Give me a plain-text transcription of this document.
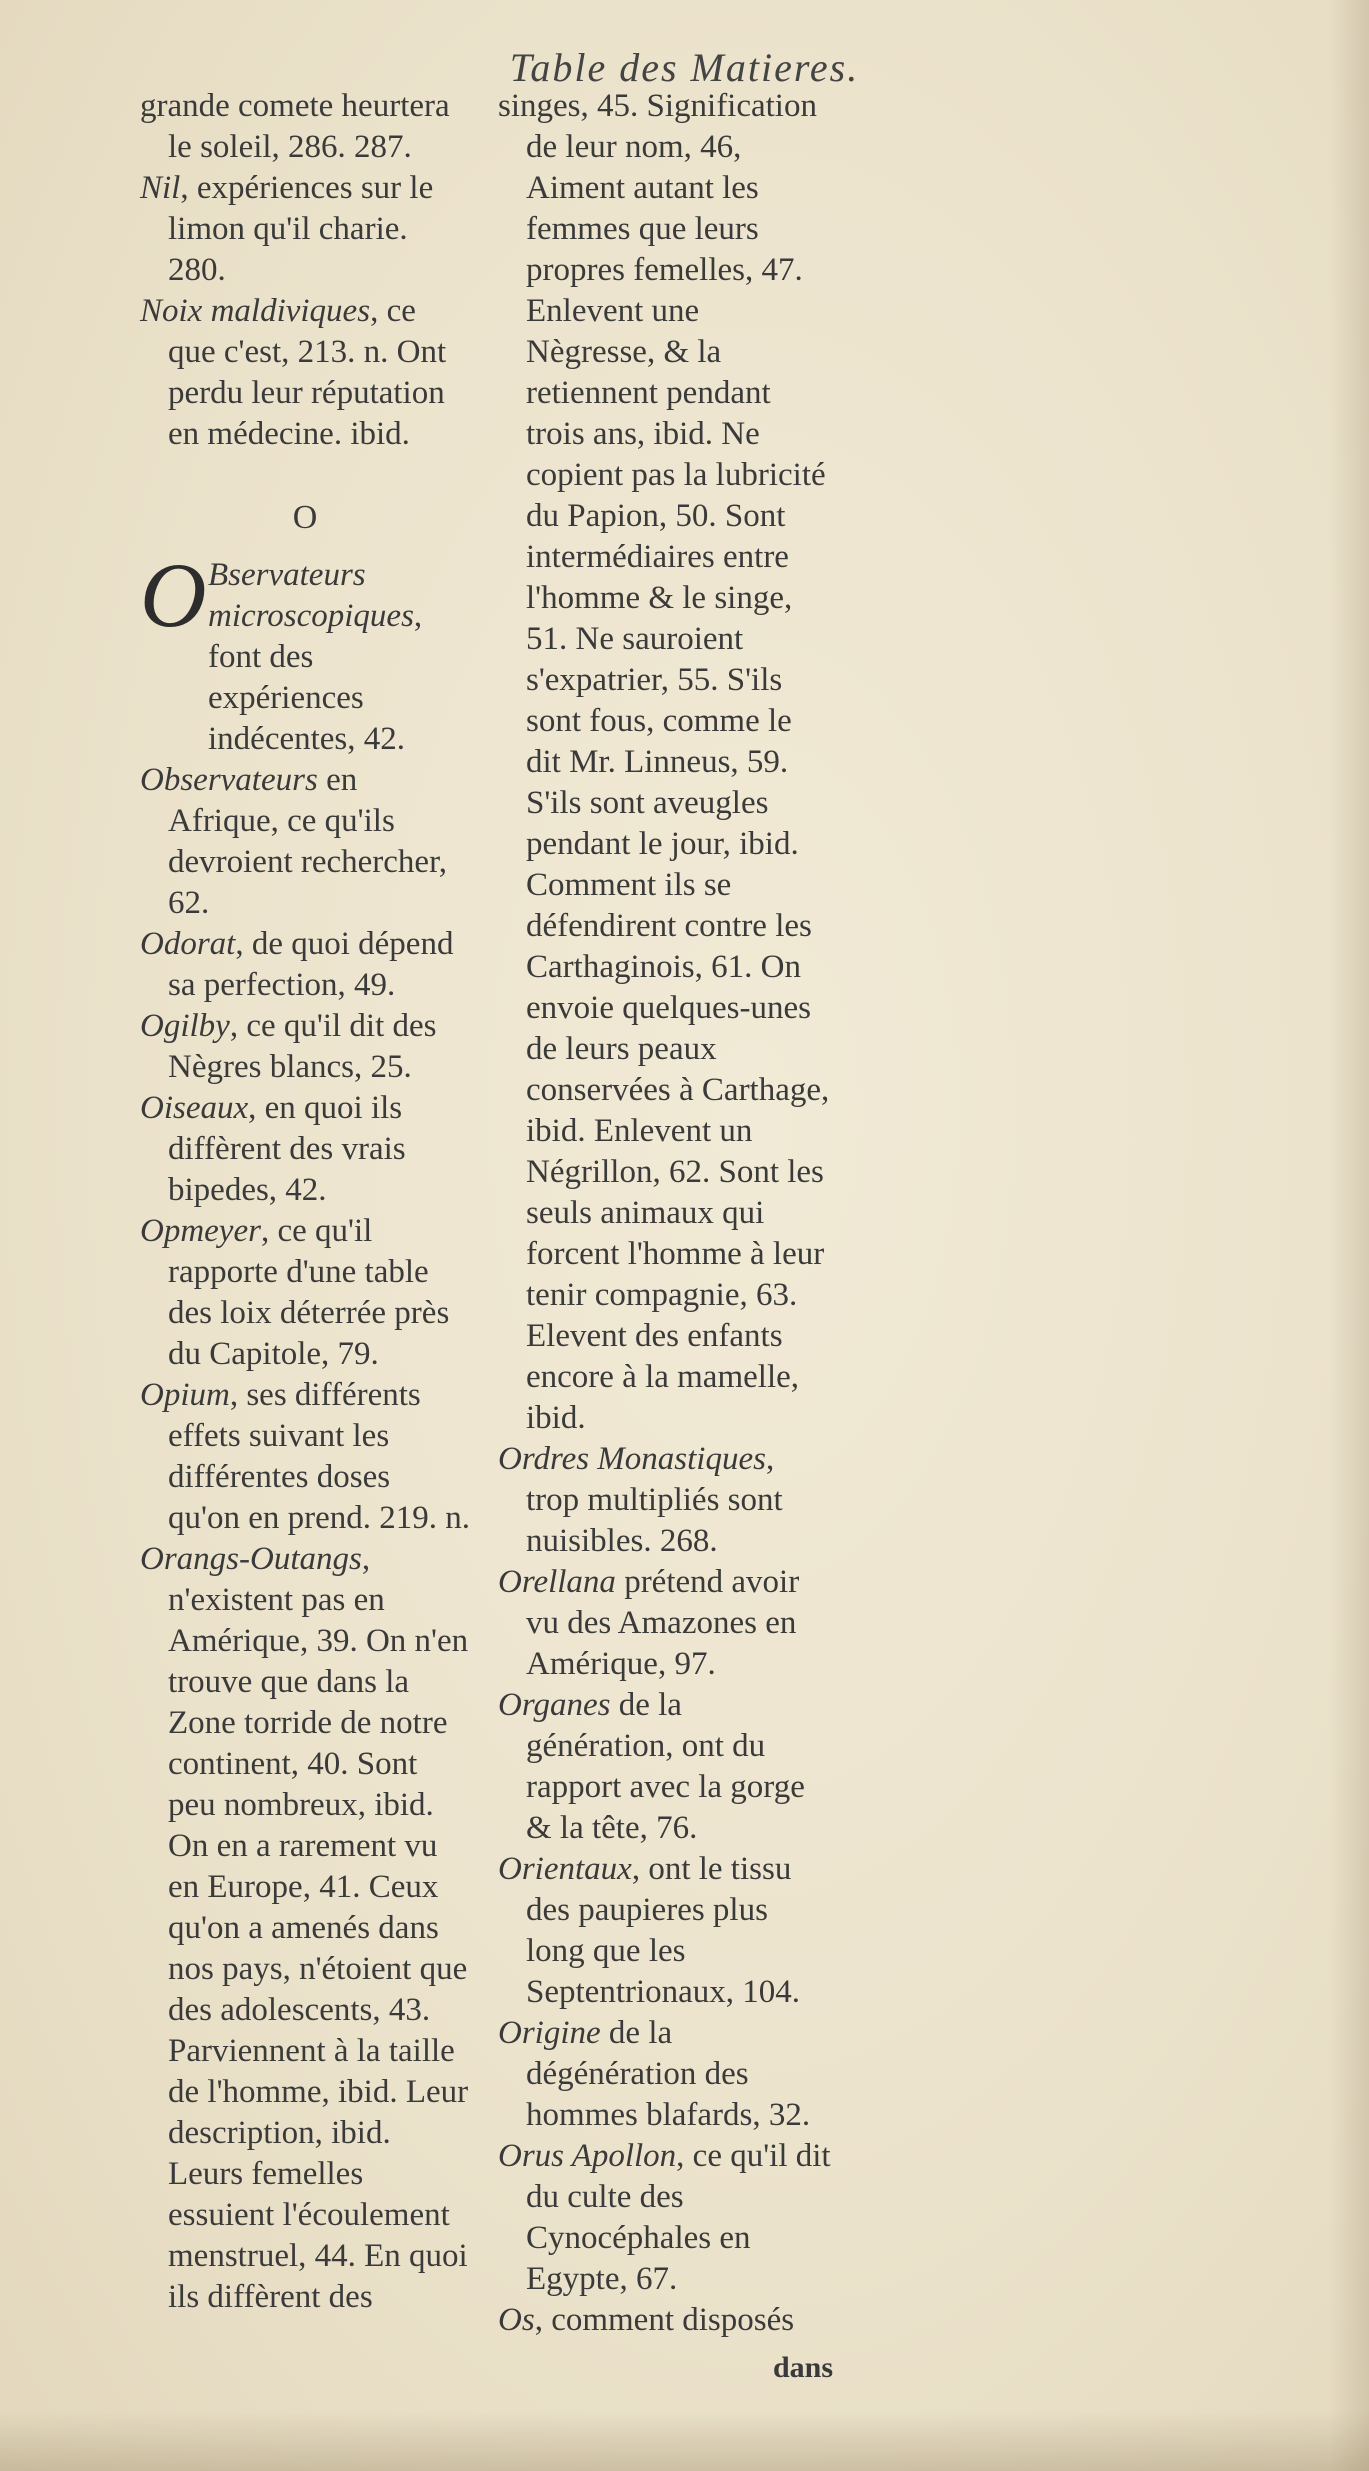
Table des Matieres.

grande comete heurtera le soleil, 286. 287.

Nil, expériences sur le limon qu'il charie. 280.

Noix maldiviques, ce que c'est, 213. n. Ont perdu leur réputation en médecine. ibid.

O

O Bservateurs microscopiques, font des expériences indécentes, 42.

Observateurs en Afrique, ce qu'ils devroient rechercher, 62.

Odorat, de quoi dépend sa perfection, 49.

Ogilby, ce qu'il dit des Nègres blancs, 25.

Oiseaux, en quoi ils diffèrent des vrais bipedes, 42.

Opmeyer, ce qu'il rapporte d'une table des loix déterrée près du Capitole, 79.

Opium, ses différents effets suivant les différentes doses qu'on en prend. 219. n.

Orangs-Outangs, n'existent pas en Amérique, 39. On n'en trouve que dans la Zone torride de notre continent, 40. Sont peu nombreux, ibid. On en a rarement vu en Europe, 41. Ceux qu'on a amenés dans nos pays, n'étoient que des adolescents, 43. Parviennent à la taille de l'homme, ibid. Leur description, ibid. Leurs femelles essuient l'écoulement menstruel, 44. En quoi ils diffèrent des

singes, 45. Signification de leur nom, 46, Aiment autant les femmes que leurs propres femelles, 47. Enlevent une Nègresse, & la retiennent pendant trois ans, ibid. Ne copient pas la lubricité du Papion, 50. Sont intermédiaires entre l'homme & le singe, 51. Ne sauroient s'expatrier, 55. S'ils sont fous, comme le dit Mr. Linneus, 59. S'ils sont aveugles pendant le jour, ibid. Comment ils se défendirent contre les Carthaginois, 61. On envoie quelques-unes de leurs peaux conservées à Carthage, ibid. Enlevent un Négrillon, 62. Sont les seuls animaux qui forcent l'homme à leur tenir compagnie, 63. Elevent des enfants encore à la mamelle, ibid.

Ordres Monastiques, trop multipliés sont nuisibles. 268.

Orellana prétend avoir vu des Amazones en Amérique, 97.

Organes de la génération, ont du rapport avec la gorge & la tête, 76.

Orientaux, ont le tissu des paupieres plus long que les Septentrionaux, 104.

Origine de la dégénération des hommes blafards, 32.

Orus Apollon, ce qu'il dit du culte des Cynocéphales en Egypte, 67.

Os, comment disposés

dans
